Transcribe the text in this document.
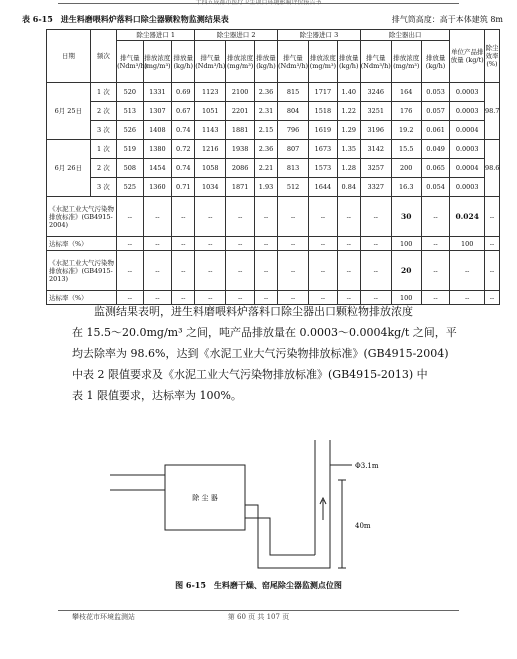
十四五成都市医疗卫生项目环境影响评价报告书
表 6-15　进生料磨喂料炉落料口除尘器颗粒物监测结果表	排气筒高度：高于本体建筑 8m
日期	频次	除尘器进口 1			除尘器进口 2			除尘器进口 3			除尘器出口			单位产品排放量 (kg/t)	除尘效率 (%)
		排气量 (Ndm³/h)	排放浓度 (mg/m³)	排放量 (kg/h)	排气量 (Ndm³/h)	排放浓度 (mg/m³)	排放量 (kg/h)	排气量 (Ndm³/h)	排放浓度 (mg/m³)	排放量 (kg/h)	排气量 (Ndm³/h)	排放浓度 (mg/m³)	排放量 (kg/h)		
6月 25日	1 次	520	1331	0.69	1123	2100	2.36	815	1717	1.40	3246	164	0.053	0.0003	98.7
	2 次	513	1307	0.67	1051	2201	2.31	804	1518	1.22	3251	176	0.057	0.0003	
	3 次	526	1408	0.74	1143	1881	2.15	796	1619	1.29	3196	19.2	0.061	0.0004	
6月 26日	1 次	519	1380	0.72	1216	1938	2.36	807	1673	1.35	3142	15.5	0.049	0.0003	98.6
	2 次	508	1454	0.74	1058	2086	2.21	813	1573	1.28	3257	200	0.065	0.0004	
	3 次	525	1360	0.71	1034	1871	1.93	512	1644	0.84	3327	16.3	0.054	0.0003	
《水泥工业大气污染物排放标准》(GB4915-2004)		--	--	--	--	--	--	--	--	--	--	30	--	0.024	--
达标率（%）		--	--	--	--	--	--	--	--	--	--	100	--	100	--
《水泥工业大气污染物排放标准》(GB4915-2013)		--	--	--	--	--	--	--	--	--	--	20	--	--	--
达标率（%）		--	--	--	--	--	--	--	--	--	--	100	--	--	--

监测结果表明，进生料磨喂料炉落料口除尘器出口颗粒物排放浓度

在 15.5～20.0mg/m³ 之间，吨产品排放量在 0.0003～0.0004kg/t 之间，平

均去除率为 98.6%，达到《水泥工业大气污染物排放标准》(GB4915-2004)

中表 2 限值要求及《水泥工业大气污染物排放标准》(GB4915-2013) 中

表 1 限值要求，达标率为 100%。

除 尘 器
Φ3.1m
40m
图 6-15　生料磨干燥、窑尾除尘器监测点位图
攀枝花市环境监测站	第 60 页 共 107 页
